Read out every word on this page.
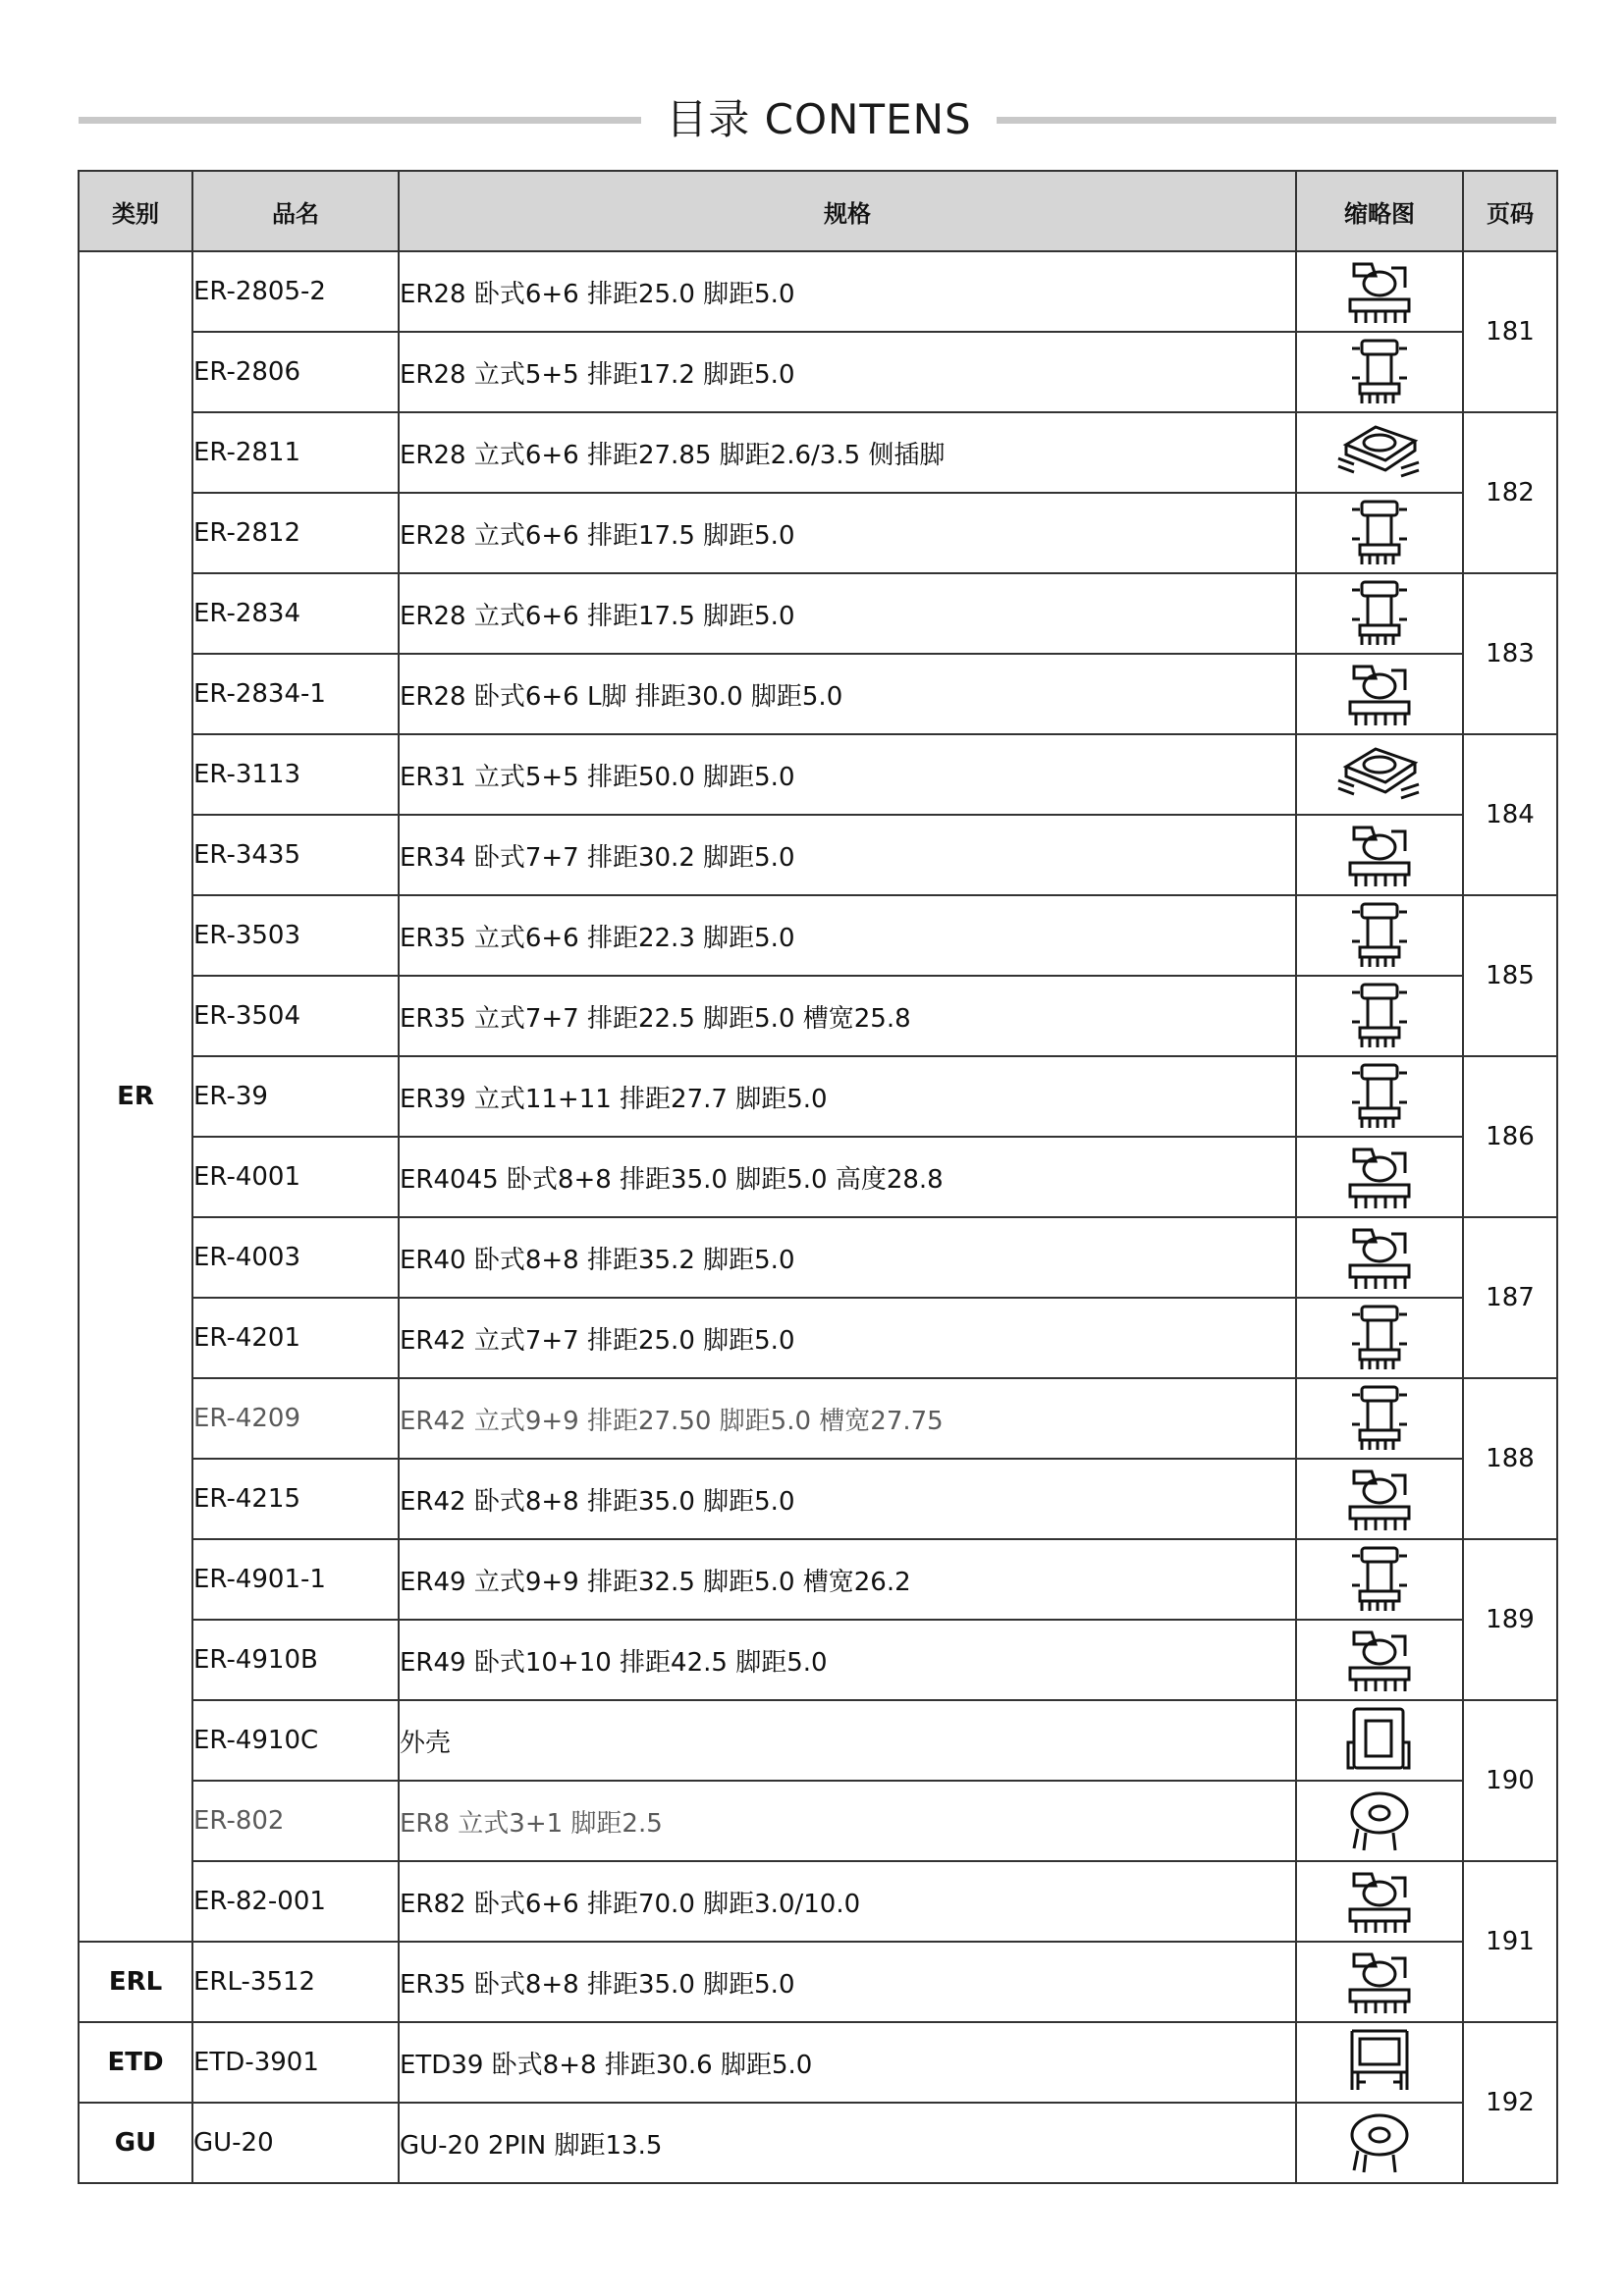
目录 CONTENS
类别	品名	规格	缩略图	页码
ER	ER-2805-2	ER28 卧式6+6 排距25.0 脚距5.0		181
	ER-2806	ER28 立式5+5 排距17.2 脚距5.0	

	ER-2811	ER28 立式6+6 排距27.85 脚距2.6/3.5 侧插脚		182
	ER-2812	ER28 立式6+6 排距17.5 脚距5.0	

	ER-2834	ER28 立式6+6 排距17.5 脚距5.0		183
	ER-2834-1	ER28 卧式6+6 L脚 排距30.0 脚距5.0	

	ER-3113	ER31 立式5+5 排距50.0 脚距5.0		184
	ER-3435	ER34 卧式7+7 排距30.2 脚距5.0	

	ER-3503	ER35 立式6+6 排距22.3 脚距5.0		185
	ER-3504	ER35 立式7+7 排距22.5 脚距5.0 槽宽25.8	

	ER-39	ER39 立式11+11 排距27.7 脚距5.0		186
	ER-4001	ER4045 卧式8+8 排距35.0 脚距5.0 高度28.8	

	ER-4003	ER40 卧式8+8 排距35.2 脚距5.0		187
	ER-4201	ER42 立式7+7 排距25.0 脚距5.0	

	ER-4209	ER42 立式9+9 排距27.50 脚距5.0 槽宽27.75		188
	ER-4215	ER42 卧式8+8 排距35.0 脚距5.0	

	ER-4901-1	ER49 立式9+9 排距32.5 脚距5.0 槽宽26.2		189
	ER-4910B	ER49 卧式10+10 排距42.5 脚距5.0	

	ER-4910C	外壳		190
	ER-802	ER8 立式3+1 脚距2.5	

	ER-82-001	ER82 卧式6+6 排距70.0 脚距3.0/10.0		191
ERL	ERL-3512	ER35 卧式8+8 排距35.0 脚距5.0	

ETD	ETD-3901	ETD39 卧式8+8 排距30.6 脚距5.0		192
GU	GU-20	GU-20 2PIN 脚距13.5	
